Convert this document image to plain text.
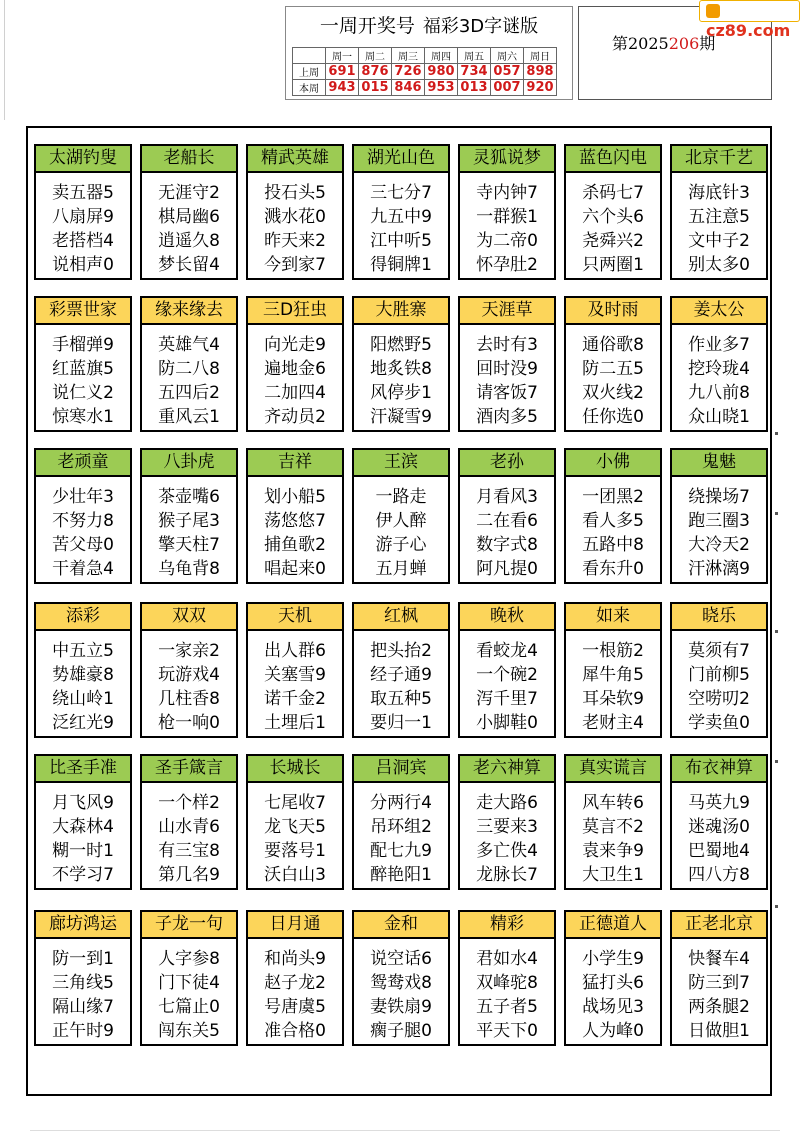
一周开奖号 福彩3D字谜版
	周一	周二	周三	周四	周五	周六	周日
上周	691	876	726	980	734	057	898
本周	943	015	846	953	013	007	920
第2025206期
cz89.com
太湖钓叟
卖五器5
八扇屏9
老搭档4
说相声0
老船长
无涯守2
棋局幽6
逍遥久8
梦长留4
精武英雄
投石头5
溅水花0
昨天来2
今到家7
湖光山色
三七分7
九五中9
江中听5
得铜牌1
灵狐说梦
寺内钟7
一群猴1
为二帝0
怀孕肚2
蓝色闪电
杀码七7
六个头6
尧舜兴2
只两圈1
北京千艺
海底针3
五注意5
文中子2
别太多0
彩票世家
手榴弹9
红蓝旗5
说仁义2
惊寒水1
缘来缘去
英雄气4
防二八8
五四后2
重风云1
三D狂虫
向光走9
遍地金6
二加四4
齐动员2
大胜寨
阳燃野5
地炙铁8
风停步1
汗凝雪9
天涯草
去时有3
回时没9
请客饭7
酒肉多5
及时雨
通俗歌8
防二五5
双火线2
任你选0
姜太公
作业多7
挖玲珑4
九八前8
众山晓1
老顽童
少壮年3
不努力8
苦父母0
干着急4
八卦虎
茶壶嘴6
猴子尾3
擎天柱7
乌龟背8
吉祥
划小船5
荡悠悠7
捕鱼歌2
唱起来0
王滨
一路走
伊人醉
游子心
五月蝉
老孙
月看风3
二在看6
数字式8
阿凡提0
小佛
一团黑2
看人多5
五路中8
看东升0
鬼魅
绕操场7
跑三圈3
大冷天2
汗淋漓9
添彩
中五立5
势雄豪8
绕山岭1
泛红光9
双双
一家亲2
玩游戏4
几柱香8
枪一响0
天机
出人群6
关塞雪9
诺千金2
土埋后1
红枫
把头抬2
经子通9
取五种5
要归一1
晚秋
看蛟龙4
一个碗2
泻千里7
小脚鞋0
如来
一根筋2
犀牛角5
耳朵软9
老财主4
晓乐
莫须有7
门前柳5
空唠叨2
学卖鱼0
比圣手准
月飞风9
大森林4
糊一时1
不学习7
圣手箴言
一个样2
山水青6
有三宝8
第几名9
长城长
七尾收7
龙飞天5
要落号1
沃白山3
吕洞宾
分两行4
吊环组2
配七九9
醉艳阳1
老六神算
走大路6
三要来3
多亡佚4
龙脉长7
真实谎言
风车转6
莫言不2
袁来争9
大卫生1
布衣神算
马英九9
迷魂汤0
巴蜀地4
四八方8
廊坊鸿运
防一到1
三角线5
隔山缘7
正午时9
子龙一句
人字参8
门下徒4
七篇止0
闯东关5
日月通
和尚头9
赵子龙2
号唐虞5
准合格0
金和
说空话6
鸳鸯戏8
妻铁扇9
瘸子腿0
精彩
君如水4
双峰驼8
五子者5
平天下0
正德道人
小学生9
猛打头6
战场见3
人为峰0
正老北京
快餐车4
防三到7
两条腿2
日做胆1
